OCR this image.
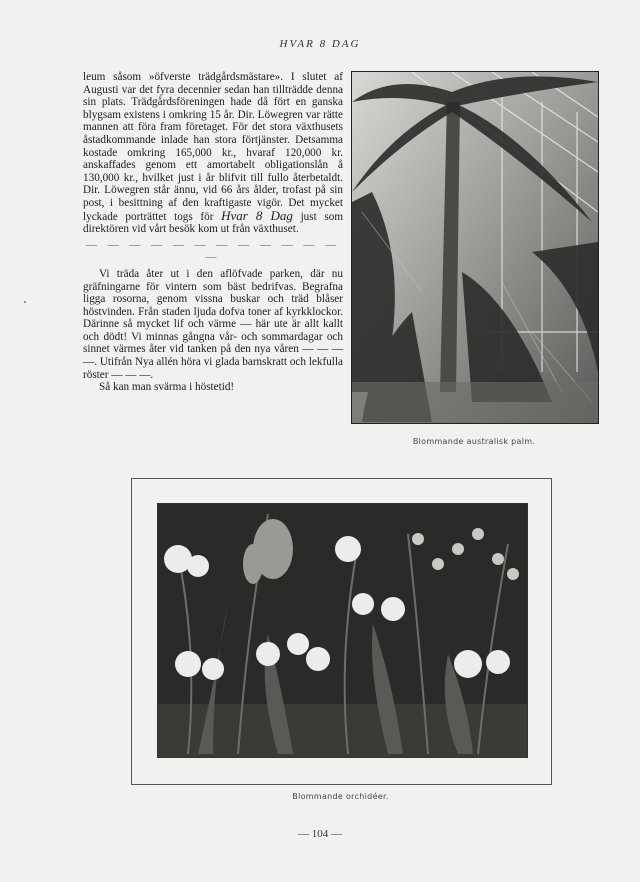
HVAR 8 DAG

leum såsom »öfverste trädgårdsmästare». I slutet af Augusti var det fyra decennier sedan han tillträdde denna sin plats. Trädgårdsföreningen hade då fört en ganska blygsam existens i omkring 15 år. Dir. Löwegren var rätte mannen att föra fram företaget. För det stora växthusets åstadkommande inlade han stora förtjänster. Detsamma kostade omkring 165,000 kr., hvaraf 120,000 kr. anskaffades genom ett amortabelt obligationslån å 130,000 kr., hvilket just i år blifvit till fullo återbetaldt. Dir. Löwegren står ännu, vid 66 års ålder, trofast på sin post, i besittning af den kraftigaste vigör. Det mycket lyckade porträttet togs för Hvar 8 Dag just som direktören vid vårt besök kom ut från växthuset.

— — — — — — — — — — — — —

Vi träda åter ut i den aflöfvade parken, där nu gräfningarne för vintern som bäst bedrifvas. Begrafna ligga rosorna, genom vissna buskar och träd blåser höstvinden. Från staden ljuda dofva toner af kyrkklockor. Därinne så mycket lif och värme — här ute är allt kallt och dödt! Vi minnas gångna vår- och sommardagar och sinnet värmes åter vid tanken på den nya våren — — — —. Utifrån Nya allén höra vi glada barnskratt och lekfulla röster — — —.

Så kan man svärma i höstetid!

Blommande australisk palm.
Blommande orchidéer.
— 104 —
